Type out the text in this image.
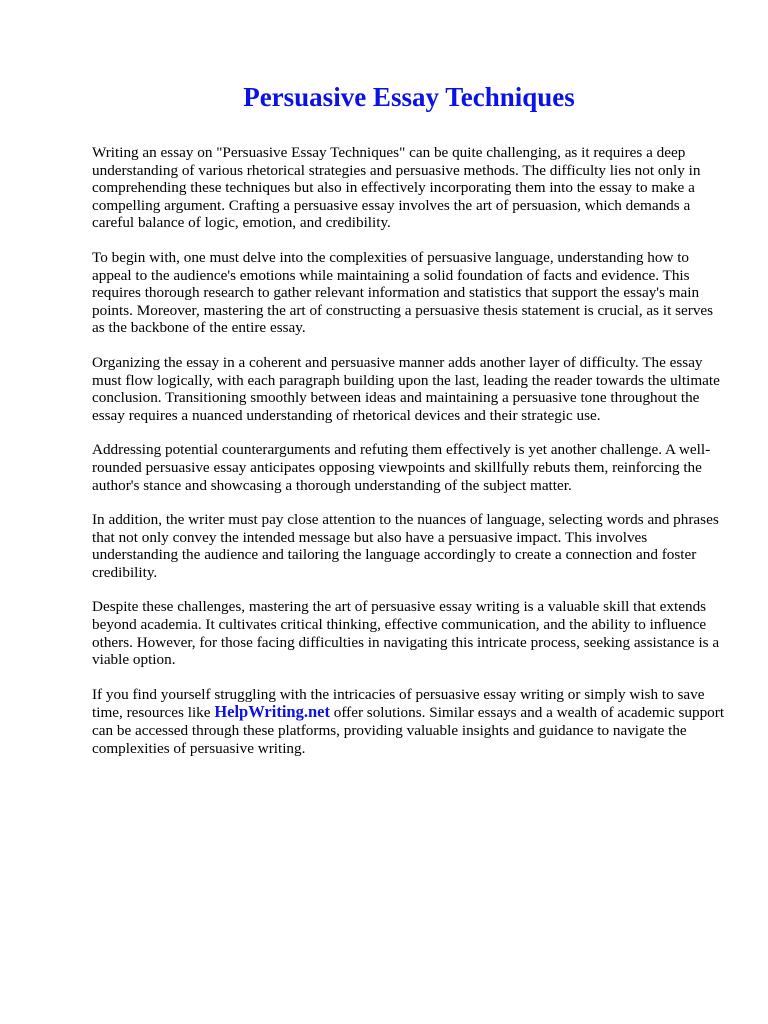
Persuasive Essay Techniques

Writing an essay on "Persuasive Essay Techniques" can be quite challenging, as it requires a deep understanding of various rhetorical strategies and persuasive methods. The difficulty lies not only in comprehending these techniques but also in effectively incorporating them into the essay to make a compelling argument. Crafting a persuasive essay involves the art of persuasion, which demands a careful balance of logic, emotion, and credibility.

To begin with, one must delve into the complexities of persuasive language, understanding how to appeal to the audience's emotions while maintaining a solid foundation of facts and evidence. This requires thorough research to gather relevant information and statistics that support the essay's main points. Moreover, mastering the art of constructing a persuasive thesis statement is crucial, as it serves as the backbone of the entire essay.

Organizing the essay in a coherent and persuasive manner adds another layer of difficulty. The essay must flow logically, with each paragraph building upon the last, leading the reader towards the ultimate conclusion. Transitioning smoothly between ideas and maintaining a persuasive tone throughout the essay requires a nuanced understanding of rhetorical devices and their strategic use.

Addressing potential counterarguments and refuting them effectively is yet another challenge. A well-rounded persuasive essay anticipates opposing viewpoints and skillfully rebuts them, reinforcing the author's stance and showcasing a thorough understanding of the subject matter.

In addition, the writer must pay close attention to the nuances of language, selecting words and phrases that not only convey the intended message but also have a persuasive impact. This involves understanding the audience and tailoring the language accordingly to create a connection and foster credibility.

Despite these challenges, mastering the art of persuasive essay writing is a valuable skill that extends beyond academia. It cultivates critical thinking, effective communication, and the ability to influence others. However, for those facing difficulties in navigating this intricate process, seeking assistance is a viable option.

If you find yourself struggling with the intricacies of persuasive essay writing or simply wish to save time, resources like HelpWriting.net offer solutions. Similar essays and a wealth of academic support can be accessed through these platforms, providing valuable insights and guidance to navigate the complexities of persuasive writing.
